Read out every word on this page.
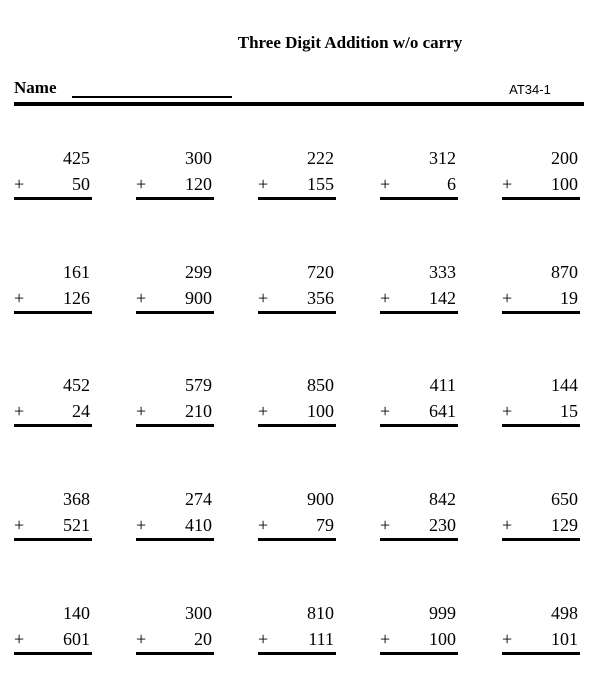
Three Digit Addition w/o carry
Name	AT34-1
425
+	50
300
+ 120
222
+ 155
312
+	6
200
+ 100
161
+ 126
299
+ 900
720
+ 356
333
+ 142
870
+	19
452
+	24
579
+ 210
850
+ 100
411
+ 641
144
+	15
368
+ 521
274
+ 410
900
+	79
842
+ 230
650
+ 129
140
+ 601
300
+	20
810
+ 111
999
+ 100
498
+ 101
